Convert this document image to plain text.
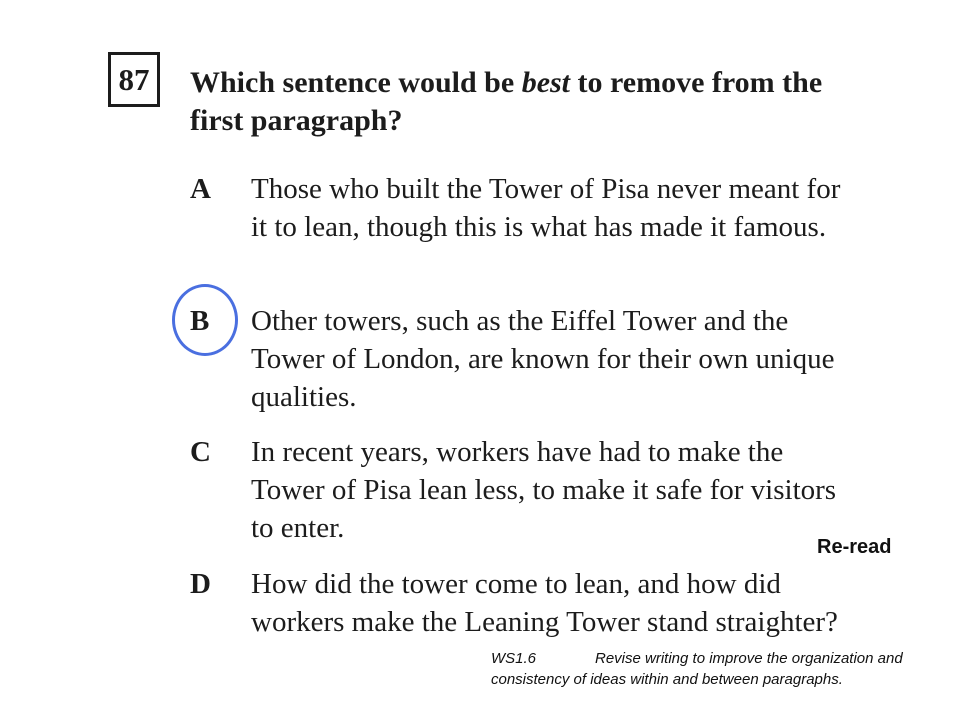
87	Which sentence would be best to remove from the first paragraph?
A Those who built the Tower of Pisa never meant for it to lean, though this is what has made it famous.
B Other towers, such as the Eiffel Tower and the Tower of London, are known for their own unique qualities.
C In recent years, workers have had to make the Tower of Pisa lean less, to make it safe for visitors to enter.
D How did the tower come to lean, and how did workers make the Leaning Tower stand straighter?
Re-read
WS1.6	Revise writing to improve the organization and consistency of ideas within and between paragraphs.
